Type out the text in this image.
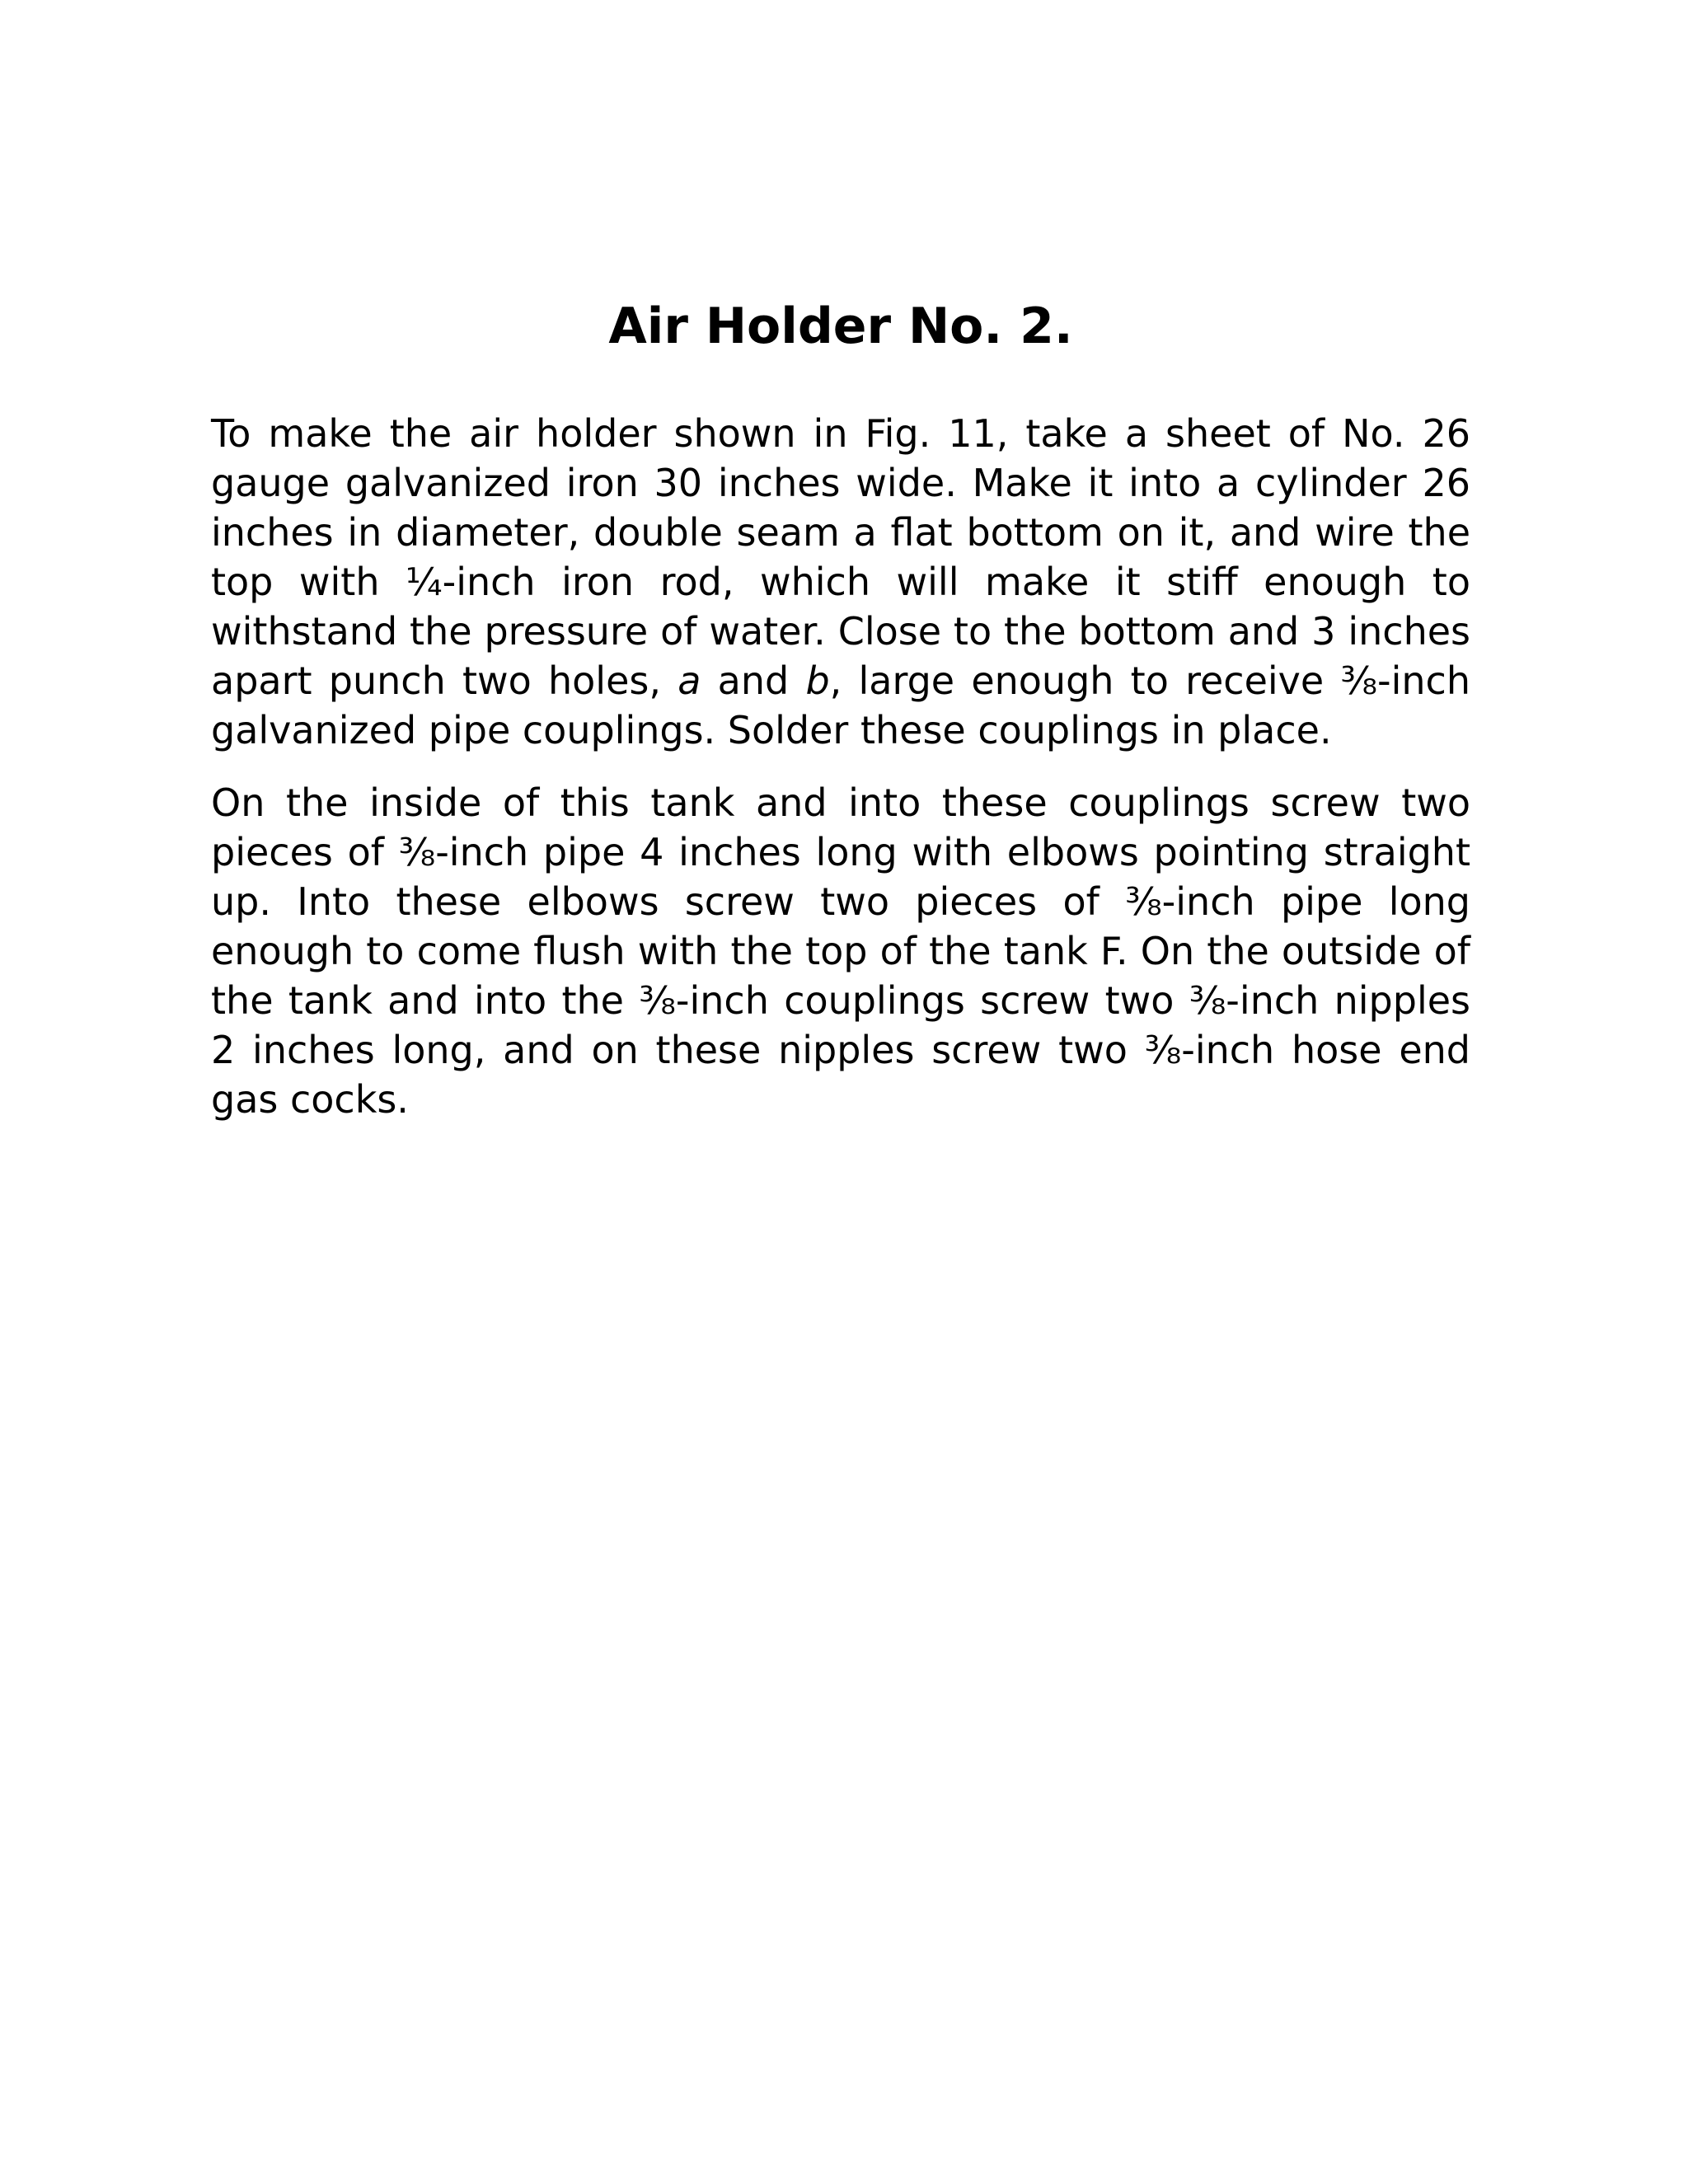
Air Holder No. 2.

To make the air holder shown in Fig. 11, take a sheet of No. 26 gauge galvanized iron 30 inches wide. Make it into a cylinder 26 inches in diameter, double seam a flat bottom on it, and wire the top with ¼-inch iron rod, which will make it stiff enough to withstand the pressure of water. Close to the bottom and 3 inches apart punch two holes, a and b, large enough to receive ⅜-inch galvanized pipe couplings. Solder these couplings in place.

On the inside of this tank and into these couplings screw two pieces of ⅜-inch pipe 4 inches long with elbows pointing straight up. Into these elbows screw two pieces of ⅜-inch pipe long enough to come flush with the top of the tank F. On the outside of the tank and into the ⅜-inch couplings screw two ⅜-inch nipples 2 inches long, and on these nipples screw two ⅜-inch hose end gas cocks.
